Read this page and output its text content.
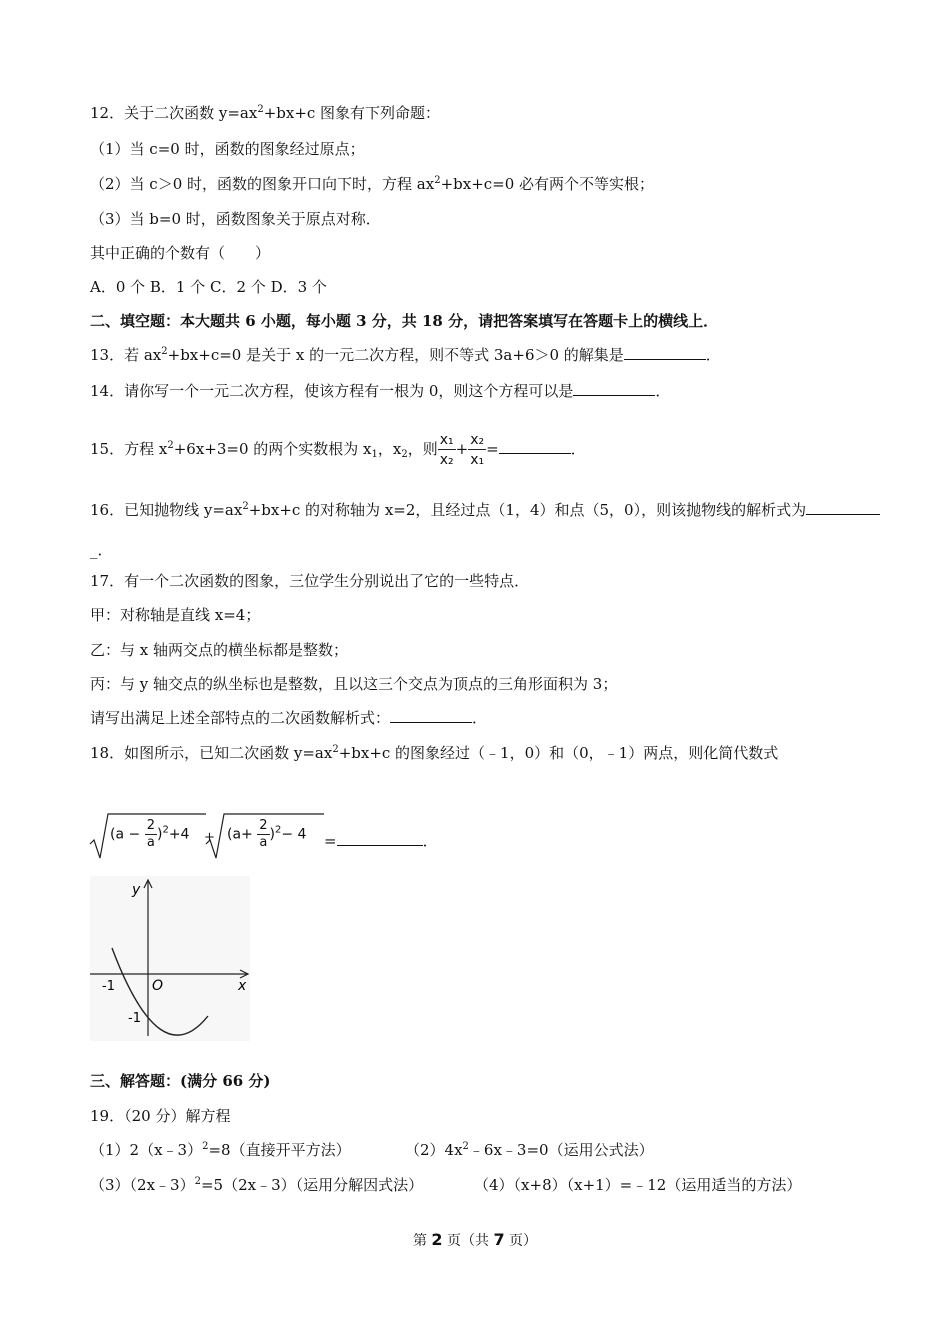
12．关于二次函数 $y=ax^2+bx+c$ 图象有下列命题：
（1）当 c=0 时，函数的图象经过原点；
（2）当 c＞0 时，函数的图象开口向下时，方程 $ax^2+bx+c=0$ 必有两个不等实根；
（3）当 b=0 时，函数图象关于原点对称．
其中正确的个数有（　　）
A．0 个 B．1 个 C．2 个 D．3 个
二、填空题：本大题共 6 小题，每小题 3 分，共 18 分，请把答案填写在答题卡上的横线上．
13．若 $ax^2+bx+c=0$ 是关于 x 的一元二次方程，则不等式 3a+6＞0 的解集是	．
14．请你写一个一元二次方程，使该方程有一根为 0，则这个方程可以是	．
15．方程 $x^2+6x+3=0$ 的两个实数根为 $x_1$，$x_2$，则 $\frac{\text{x₁}}{\text{x₂}} + \frac{\text{x₂}}{\text{x₁}}$ =	．
16．已知抛物线 $y=ax^2+bx+c$ 的对称轴为 x=2，且经过点（1，4）和点（5，0），则该抛物线的解析式为
_．
17．有一个二次函数的图象，三位学生分别说出了它的一些特点．
甲：对称轴是直线 x=4；
乙：与 x 轴两交点的横坐标都是整数；
丙：与 y 轴交点的纵坐标也是整数，且以这三个交点为顶点的三角形面积为 3；
请写出满足上述全部特点的二次函数解析式：	．
18．如图所示，已知二次函数 $y=ax^2+bx+c$ 的图象经过（﹣1，0）和（0，﹣1）两点，则化简代数式
$(a - \frac{2}{a} )^2+4 + (a+ \frac{2}{a} )^2- 4$ =	．
y
x
O
-1
-1
三、解答题：(满分 66 分)
19．（20 分）解方程
（1）2（x﹣3）$^2$=8（直接开平方法）	$(2)4x^2﹣6x﹣3=0$（运用公式法）
（3）（2x﹣3）$^2$=5（2x﹣3）（运用分解因式法）	（4）（x+8）（x+1）=﹣12（运用适当的方法）
第 2 页（共 7 页）
